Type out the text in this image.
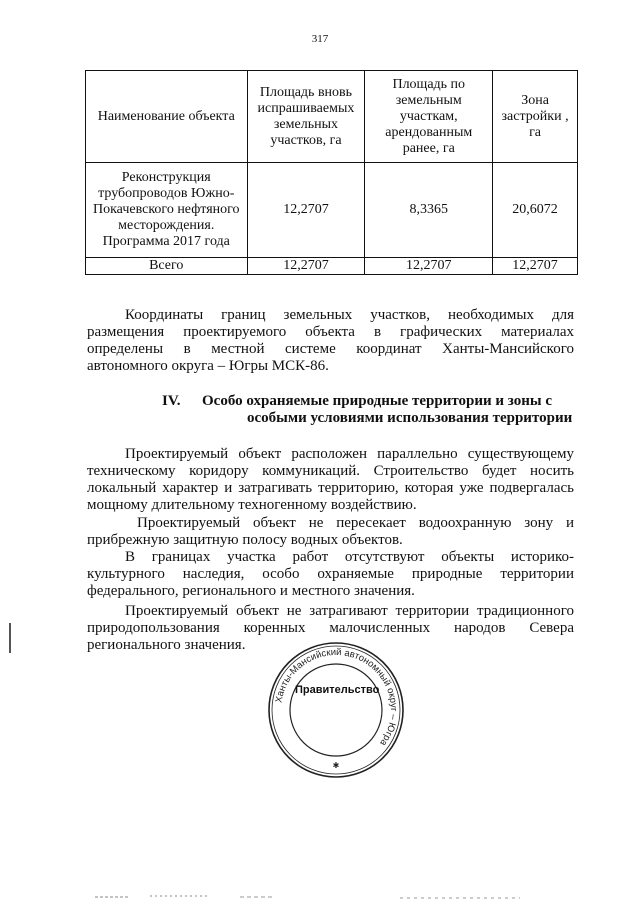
317
Наименование объекта	Площадь вновь испрашиваемых земельных участков, га	Площадь по земельным участкам, арендованным ранее, га	Зона застройки , га
Реконструкция трубопроводов Южно-Покачевского нефтяного месторождения. Программа 2017 года	12,2707	8,3365	20,6072
Всего	12,2707	12,2707	12,2707
Координаты границ земельных участков, необходимых для
размещения проектируемого объекта в графических материалах
определены в местной системе координат Ханты-Мансийского
автономного округа – Югры МСК-86.
IV. Особо охраняемые природные территории и зоны с
особыми условиями использования территории
Проектируемый объект расположен параллельно существующему
техническому коридору коммуникаций. Строительство будет носить
локальный характер и затрагивать территорию, которая уже подвергалась
мощному длительному техногенному воздействию.
Проектируемый объект не пересекает водоохранную зону и
прибрежную защитную полосу водных объектов.
В границах участка работ отсутствуют объекты историко-
культурного наследия, особо охраняемые природные территории
федерального, регионального и местного значения.
Проектируемый объект не затрагивают территории традиционного
природопользования коренных малочисленных народов Севера
регионального значения.
Ханты-Мансийский автономный округ – Югра
✱
Правительство
